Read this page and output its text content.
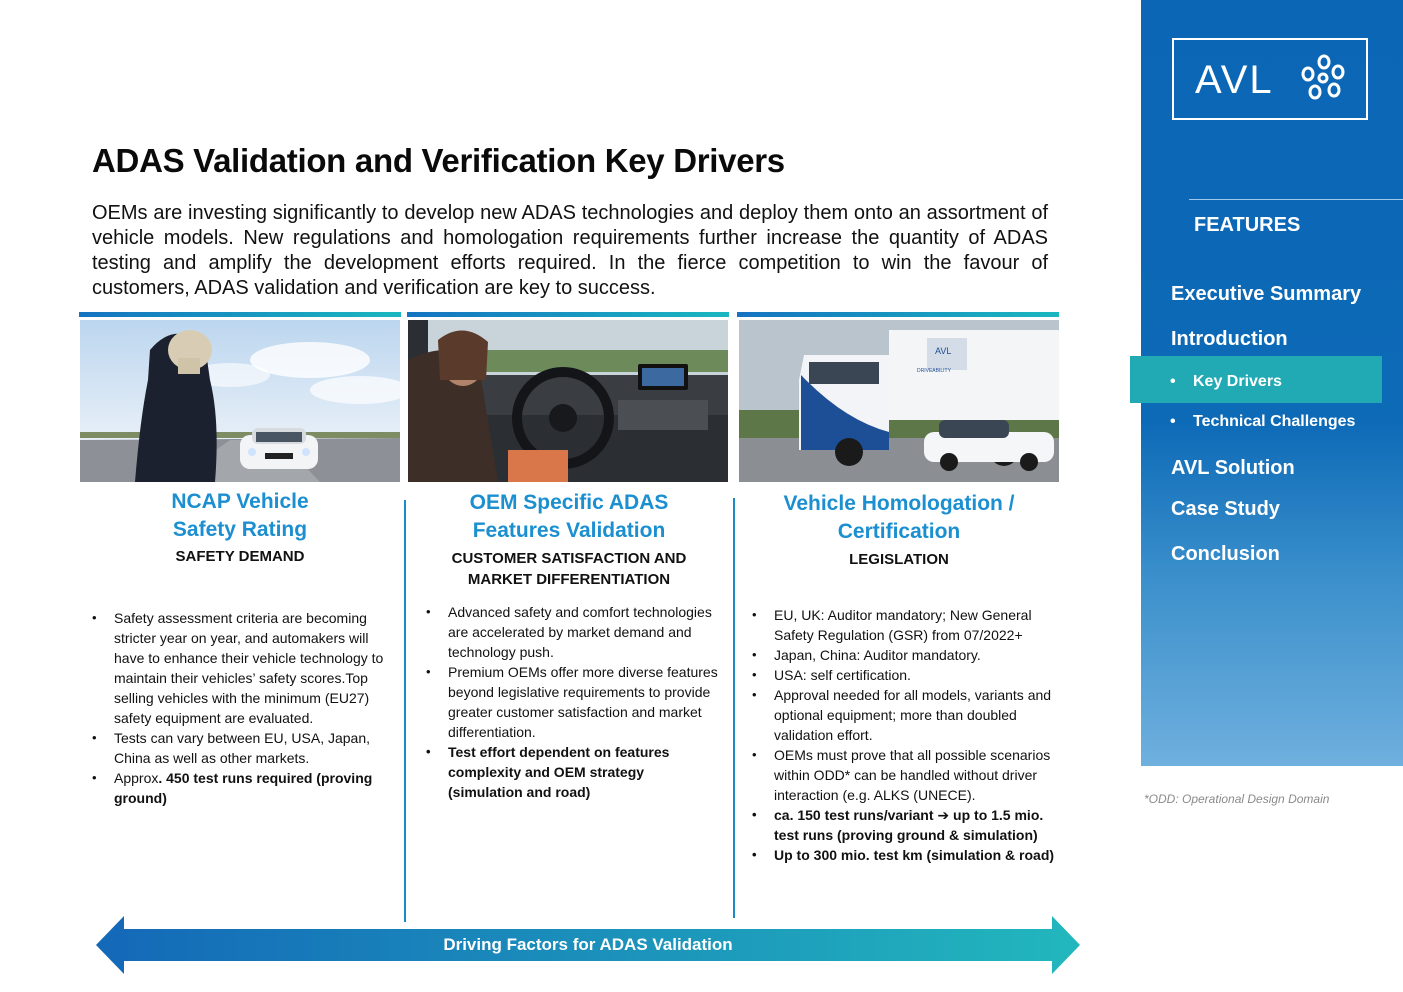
ADAS Validation and Verification Key Drivers
OEMs are investing significantly to develop new ADAS technologies and deploy them onto an assortment of vehicle models. New regulations and homologation requirements further increase the quantity of ADAS testing and amplify the development efforts required. In the fierce competition to win the favour of customers, ADAS validation and verification are key to success.
AVL
DRIVEABILITY
NCAP Vehicle
Safety Rating
SAFETY DEMAND
• Safety assessment criteria are becoming stricter year on year, and automakers will have to enhance their vehicle technology to maintain their vehicles’ safety scores.Top selling vehicles with the minimum (EU27) safety equipment are evaluated.
• Tests can vary between EU, USA, Japan, China as well as other markets.
• Approx. 450 test runs required (proving ground)
OEM Specific ADAS
Features Validation
CUSTOMER SATISFACTION AND MARKET DIFFERENTIATION
• Advanced safety and comfort technologies are accelerated by market demand and technology push.
• Premium OEMs offer more diverse features beyond legislative requirements to provide greater customer satisfaction and market differentiation.
• Test effort dependent on features complexity and OEM strategy (simulation and road)
Vehicle Homologation /
Certification
LEGISLATION
• EU, UK: Auditor mandatory; New General Safety Regulation (GSR) from 07/2022+
• Japan, China: Auditor mandatory.
• USA: self certification.
• Approval needed for all models, variants and optional equipment; more than doubled validation effort.
• OEMs must prove that all possible scenarios within ODD* can be handled without driver interaction (e.g. ALKS (UNECE).
• ca. 150 test runs/variant ➔ up to 1.5 mio. test runs (proving ground & simulation)
• Up to 300 mio. test km (simulation & road)
Driving Factors for ADAS Validation
AVL
FEATURES
Executive Summary
Introduction
• Key Drivers
• Technical Challenges
AVL Solution
Case Study
Conclusion
*ODD: Operational Design Domain
